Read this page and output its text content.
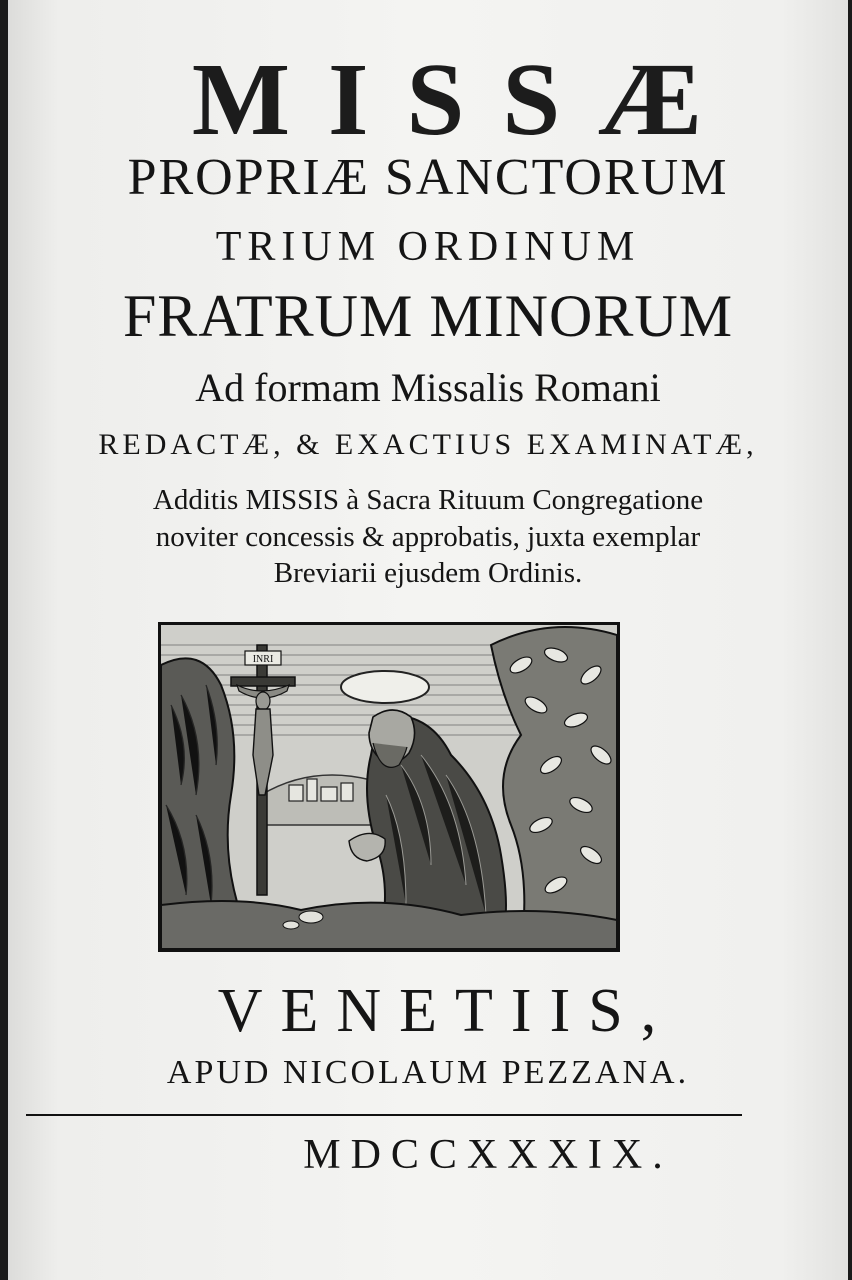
MISSÆ
PROPRIÆ SANCTORUM
TRIUM ORDINUM
FRATRUM MINORUM
Ad formam Missalis Romani
REDACTÆ, & EXACTIUS EXAMINATÆ,
Additis MISSIS à Sacra Rituum Congregatione
noviter concessis & approbatis, juxta exemplar
Breviarii ejusdem Ordinis.
INRI
VENETIIS,
APUD NICOLAUM PEZZANA.
MDCCXXXIX.
